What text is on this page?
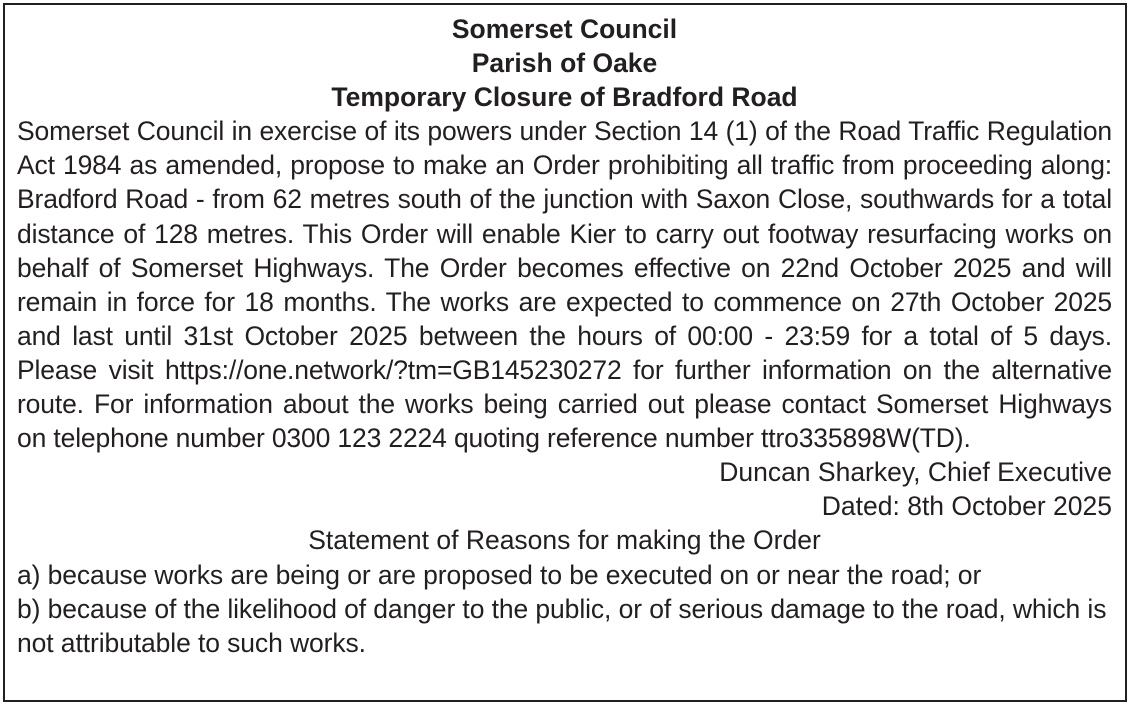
Somerset Council

Parish of Oake

Temporary Closure of Bradford Road

Somerset Council in exercise of its powers under Section 14 (1) of the Road Traffic Regulation Act 1984 as amended, propose to make an Order prohibiting all traffic from proceeding along: Bradford Road - from 62 metres south of the junction with Saxon Close, southwards for a total distance of 128 metres. This Order will enable Kier to carry out footway resurfacing works on behalf of Somerset Highways. The Order becomes effective on 22nd October 2025 and will remain in force for 18 months. The works are expected to commence on 27th October 2025 and last until 31st October 2025 between the hours of 00:00 - 23:59 for a total of 5 days. Please visit https://one.network/?tm=GB145230272 for further information on the alternative route. For information about the works being carried out please contact Somerset Highways on telephone number 0300 123 2224 quoting reference number ttro335898W(TD).

Duncan Sharkey, Chief Executive

Dated: 8th October 2025

Statement of Reasons for making the Order

a) because works are being or are proposed to be executed on or near the road; or

b) because of the likelihood of danger to the public, or of serious damage to the road, which is not attributable to such works.
